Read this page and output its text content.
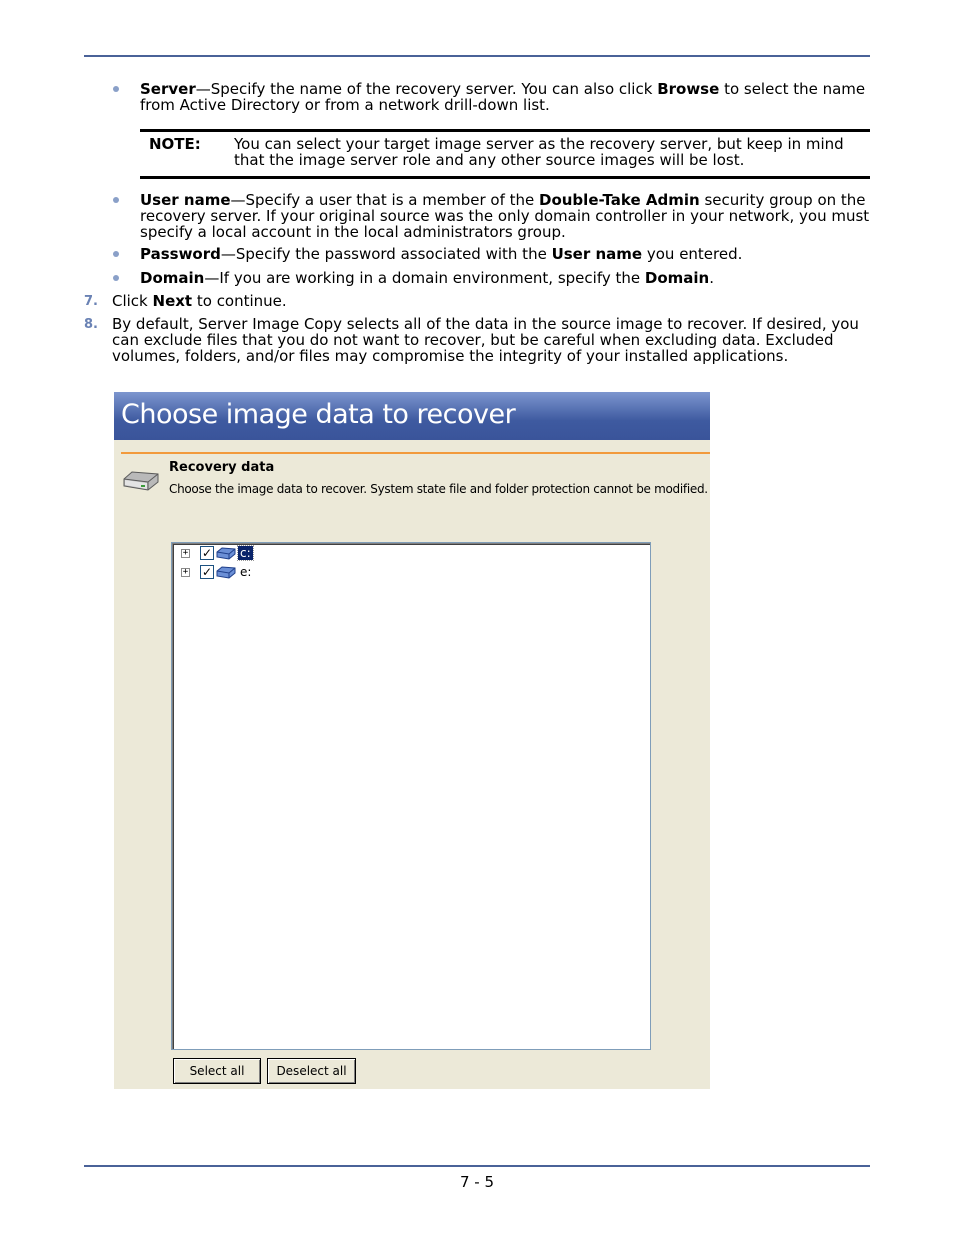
Server—Specify the name of the recovery server. You can also click Browse to select the name from Active Directory or from a network drill-down list.
NOTE: You can select your target image server as the recovery server, but keep in mind that the image server role and any other source images will be lost.
User name—Specify a user that is a member of the Double-Take Admin security group on the recovery server. If your original source was the only domain controller in your network, you must specify a local account in the local administrators group.
Password—Specify the password associated with the User name you entered.
Domain—If you are working in a domain environment, specify the Domain.
7. Click Next to continue.
8. By default, Server Image Copy selects all of the data in the source image to recover. If desired, you can exclude files that you do not want to recover, but be careful when excluding data. Excluded volumes, folders, and/or files may compromise the integrity of your installed applications.
Choose image data to recover
Recovery data
Choose the image data to recover. System state file and folder protection cannot be modified.
+ ✓ c:
+ ✓ e:
Select all	Deselect all
7 - 5
